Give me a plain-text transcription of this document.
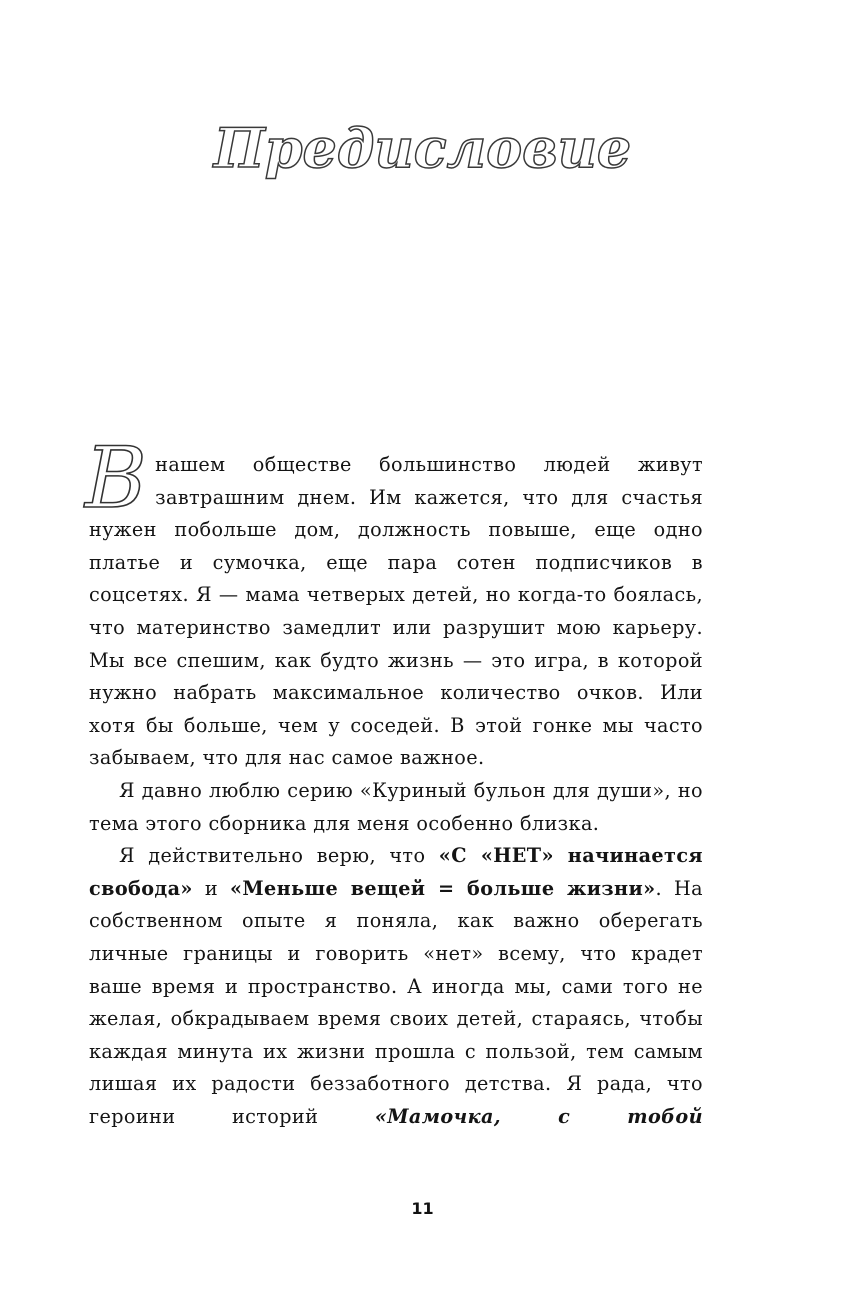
Предисловие

В нашем обществе большинство людей живут завтрашним днем. Им кажется, что для счастья нужен побольше дом, должность повыше, еще одно платье и сумочка, еще пара сотен подписчиков в соцсетях. Я — мама четверых детей, но когда-то боялась, что материнство замедлит или разрушит мою карьеру. Мы все спешим, как будто жизнь — это игра, в которой нужно набрать максимальное количество очков. Или хотя бы больше, чем у соседей. В этой гонке мы часто забываем, что для нас самое важное.

Я давно люблю серию «Куриный бульон для души», но тема этого сборника для меня особенно близка.

Я действительно верю, что «С «НЕТ» начинается свобода» и «Меньше вещей = больше жизни». На собственном опыте я поняла, как важно оберегать личные границы и говорить «нет» всему, что крадет ваше время и пространство. А иногда мы, сами того не желая, обкрадываем время своих детей, стараясь, чтобы каждая минута их жизни прошла с пользой, тем самым лишая их радости беззаботного детства. Я рада, что героини историй «Мамочка, с тобой

11
